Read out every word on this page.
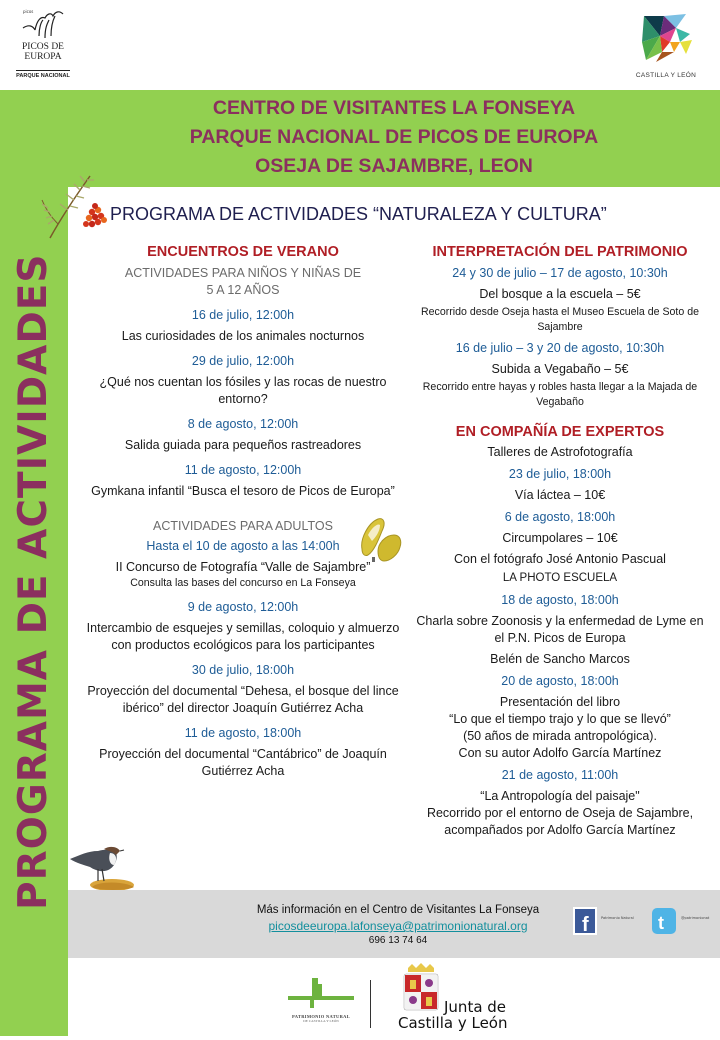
picos
PICOS DE
EUROPA
PARQUE NACIONAL	CASTILLA Y LEÓN
CENTRO DE VISITANTES LA FONSEYA
PARQUE NACIONAL DE PICOS DE EUROPA
OSEJA DE SAJAMBRE, LEON
PROGRAMA DE ACTIVIDADES
PROGRAMA DE ACTIVIDADES “NATURALEZA Y CULTURA”
ENCUENTROS DE VERANO
ACTIVIDADES PARA NIÑOS Y NIÑAS DE
5 A 12 AÑOS
16 de julio, 12:00h
Las curiosidades de los animales nocturnos
29 de julio, 12:00h
¿Qué nos cuentan los fósiles y las rocas de nuestro entorno?
8 de agosto, 12:00h
Salida guiada para pequeños rastreadores
11 de agosto, 12:00h
Gymkana infantil “Busca el tesoro de Picos de Europa”
ACTIVIDADES PARA ADULTOS
Hasta el 10 de agosto a las 14:00h
II Concurso de Fotografía “Valle de Sajambre”
Consulta las bases del concurso en La Fonseya
9 de agosto, 12:00h
Intercambio de esquejes y semillas, coloquio y almuerzo con productos ecológicos para los participantes
30 de julio, 18:00h
Proyección del documental “Dehesa, el bosque del lince ibérico” del director Joaquín Gutiérrez Acha
11 de agosto, 18:00h
Proyección del documental “Cantábrico” de Joaquín Gutiérrez Acha
INTERPRETACIÓN DEL PATRIMONIO
24 y 30 de julio – 17 de agosto, 10:30h
Del bosque a la escuela – 5€
Recorrido desde Oseja hasta el Museo Escuela de Soto de Sajambre
16 de julio – 3 y 20 de agosto, 10:30h
Subida a Vegabaño – 5€
Recorrido entre hayas y robles hasta llegar a la Majada de Vegabaño
EN COMPAÑÍA DE EXPERTOS
Talleres de Astrofotografía
23 de julio, 18:00h
Vía láctea – 10€
6 de agosto, 18:00h
Circumpolares – 10€
Con el fotógrafo José Antonio Pascual
LA PHOTO ESCUELA
18 de agosto, 18:00h
Charla sobre Zoonosis y la enfermedad de Lyme en el P.N. Picos de Europa
Belén de Sancho Marcos
20 de agosto, 18:00h
Presentación del libro
“Lo que el tiempo trajo y lo que se llevó”
(50 años de mirada antropológica).
Con su autor Adolfo García Martínez
21 de agosto, 11:00h
“La Antropología del paisaje"
Recorrido por el entorno de Oseja de Sajambre, acompañados por Adolfo García Martínez
Más información en el Centro de Visitantes La Fonseya
picosdeeuropa.lafonseya@patrimonionatural.org
696 13 74 64
f	Patrimonio Natural t	@patrimonionat
PATRIMONIO NATURAL
DE CASTILLA Y LEÓN
Junta de
Castilla y León
